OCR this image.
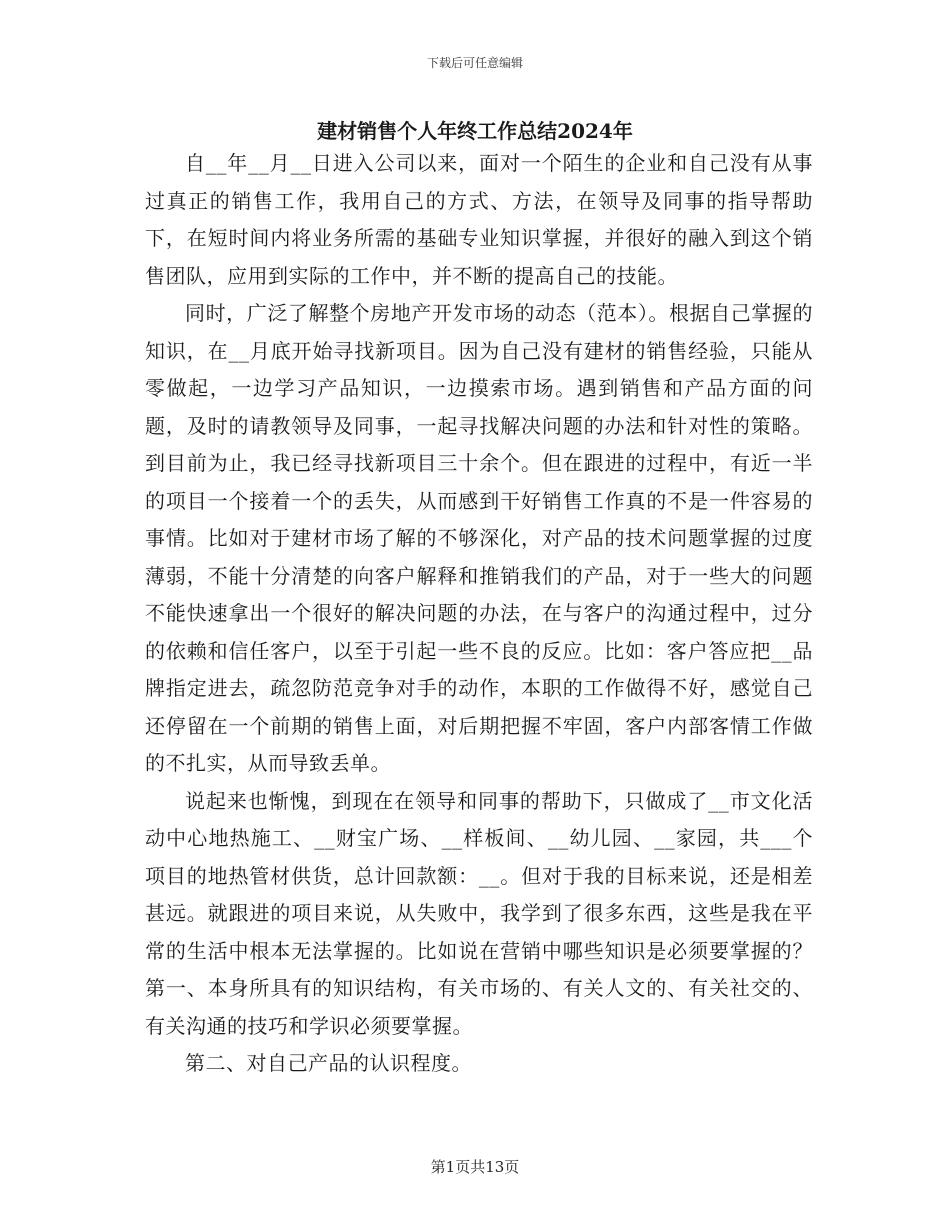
下载后可任意编辑
建材销售个人年终工作总结2024年

自__年__月__日进入公司以来，面对一个陌生的企业和自己没有从事过真正的销售工作，我用自己的方式、方法，在领导及同事的指导帮助下，在短时间内将业务所需的基础专业知识掌握，并很好的融入到这个销售团队，应用到实际的工作中，并不断的提高自己的技能。

同时，广泛了解整个房地产开发市场的动态（范本）。根据自己掌握的知识，在__月底开始寻找新项目。因为自己没有建材的销售经验，只能从零做起，一边学习产品知识，一边摸索市场。遇到销售和产品方面的问题，及时的请教领导及同事，一起寻找解决问题的办法和针对性的策略。到目前为止，我已经寻找新项目三十余个。但在跟进的过程中，有近一半的项目一个接着一个的丢失，从而感到干好销售工作真的不是一件容易的事情。比如对于建材市场了解的不够深化，对产品的技术问题掌握的过度薄弱，不能十分清楚的向客户解释和推销我们的产品，对于一些大的问题不能快速拿出一个很好的解决问题的办法，在与客户的沟通过程中，过分的依赖和信任客户，以至于引起一些不良的反应。比如：客户答应把__品牌指定进去，疏忽防范竞争对手的动作，本职的工作做得不好，感觉自己还停留在一个前期的销售上面，对后期把握不牢固，客户内部客情工作做的不扎实，从而导致丢单。

说起来也惭愧，到现在在领导和同事的帮助下，只做成了__市文化活动中心地热施工、__财宝广场、__样板间、__幼儿园、__家园，共___个项目的地热管材供货，总计回款额：__。但对于我的目标来说，还是相差甚远。就跟进的项目来说，从失败中，我学到了很多东西，这些是我在平常的生活中根本无法掌握的。比如说在营销中哪些知识是必须要掌握的？第一、本身所具有的知识结构，有关市场的、有关人文的、有关社交的、有关沟通的技巧和学识必须要掌握。

第二、对自己产品的认识程度。

第1页共13页
